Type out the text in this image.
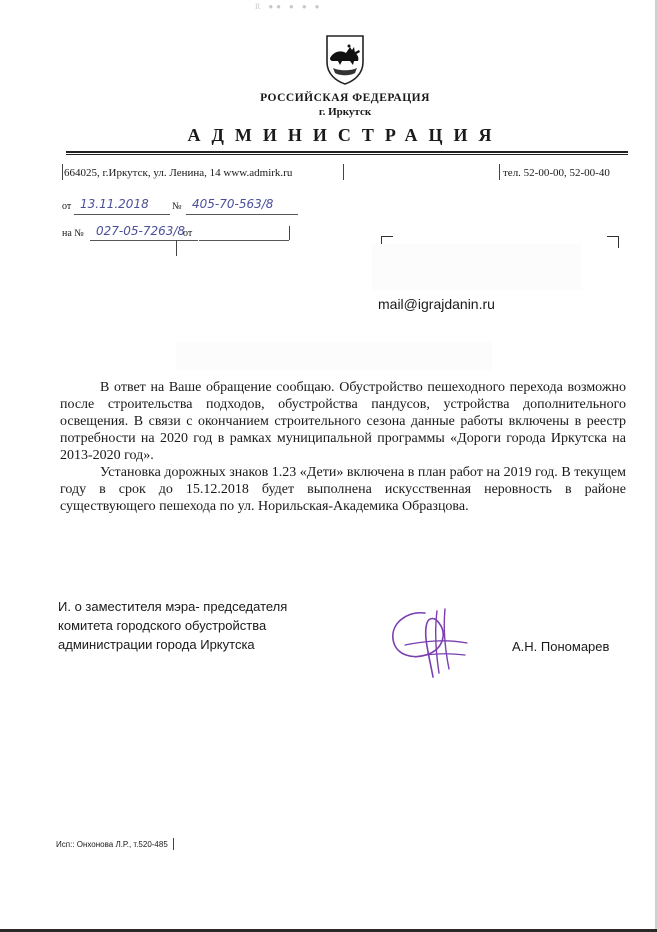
R ●● ● ● ●
РОССИЙСКАЯ ФЕДЕРАЦИЯ
г. Иркутск
АДМИНИСТРАЦИЯ
664025, г.Иркутск, ул. Ленина, 14 www.admirk.ru	тел. 52-00-00, 52-00-40
от 13.11.2018 № 405-70-563/8
на № 027-05-7263/8
от
mail@igrajdanin.ru

В ответ на Ваше обращение сообщаю. Обустройство пешеходного перехода возможно после строительства подходов, обустройства пандусов, устройства дополнительного освещения. В связи с окончанием строительного сезона данные работы включены в реестр потребности на 2020 год в рамках муниципальной программы «Дороги города Иркутска на 2013-2020 год».

Установка дорожных знаков 1.23 «Дети» включена в план работ на 2019 год. В текущем году в срок до 15.12.2018 будет выполнена искусственная неровность в районе существующего пешехода по ул. Норильская-Академика Образцова.

И. о заместителя мэра- председателя
комитета городского обустройства
администрации города Иркутска	А.Н. Пономарев
Исп:: Онхонова Л.Р., т.520-485
